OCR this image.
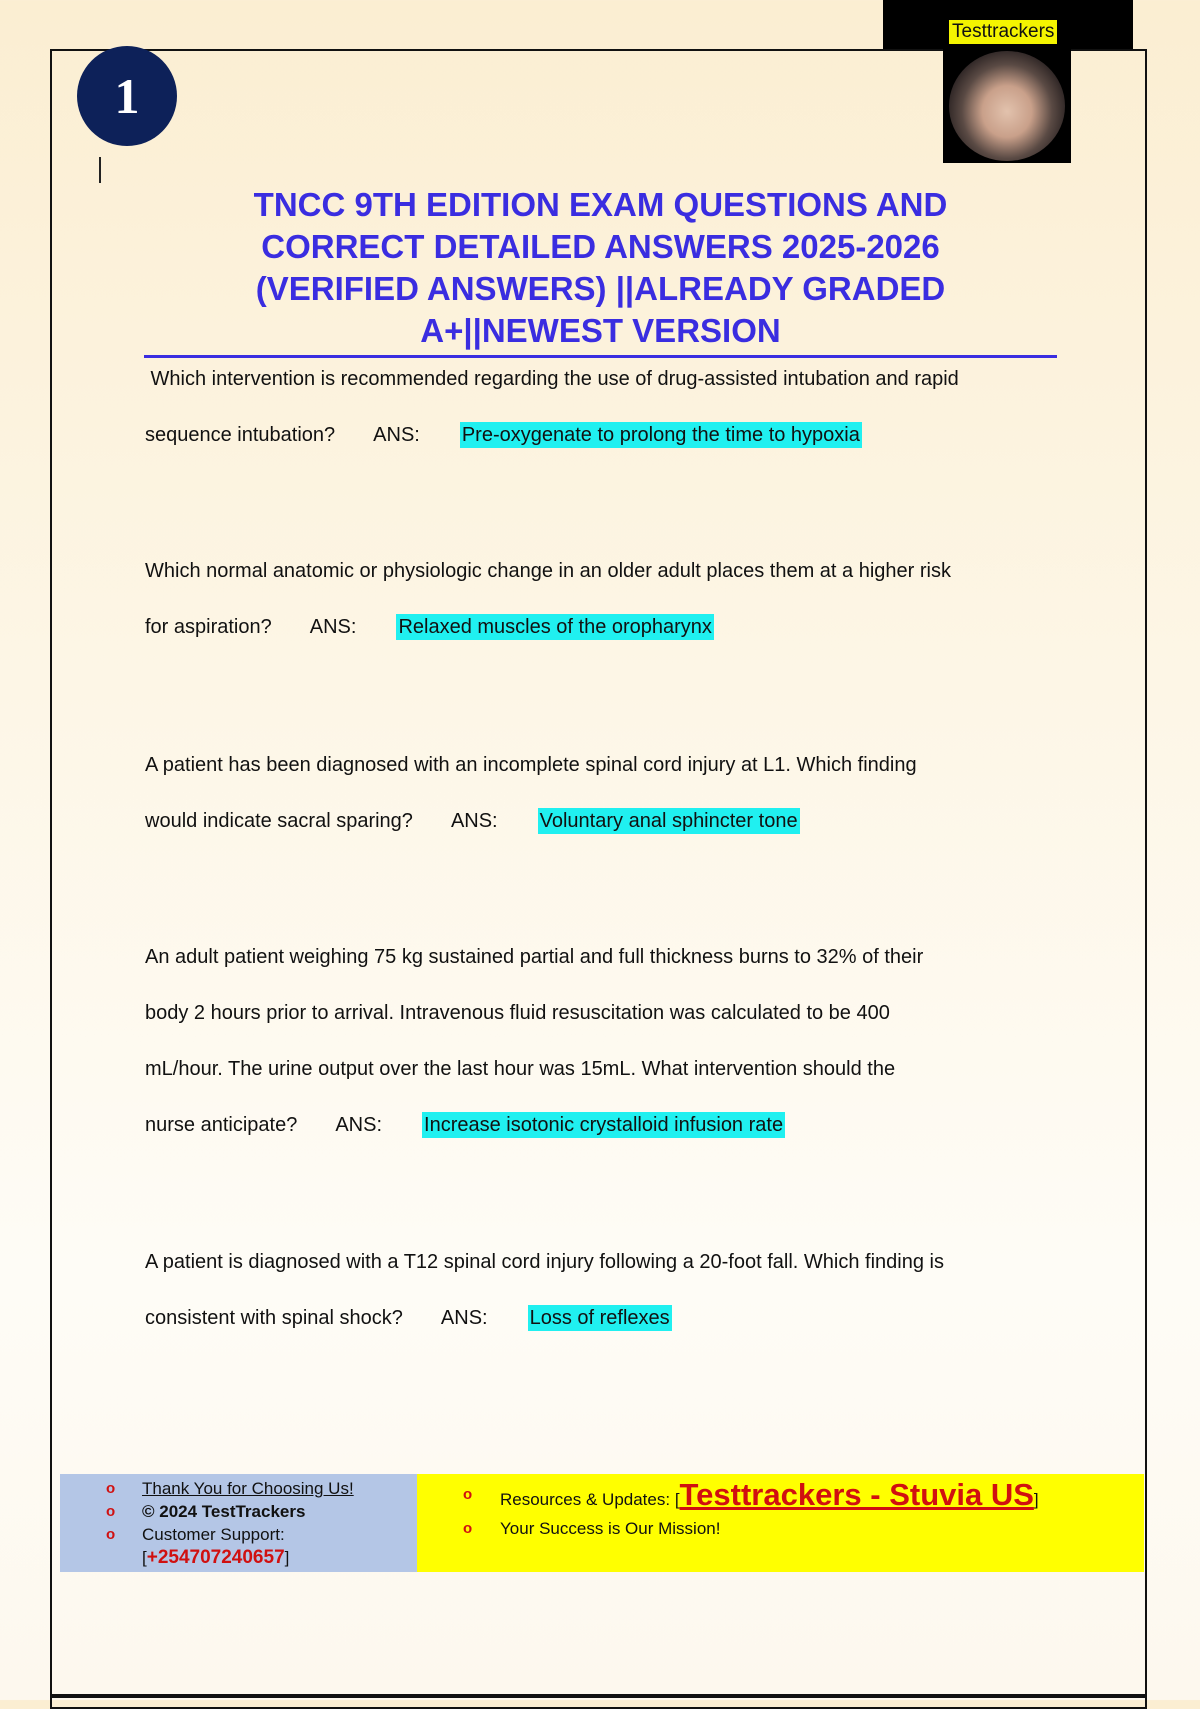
Testtrackers
1
TNCC 9TH EDITION EXAM QUESTIONS AND
CORRECT DETAILED ANSWERS 2025-2026
(VERIFIED ANSWERS) ||ALREADY GRADED
A+||NEWEST VERSION
Which intervention is recommended regarding the use of drug-assisted intubation and rapid
sequence intubation? ANS: Pre-oxygenate to prolong the time to hypoxia
Which normal anatomic or physiologic change in an older adult places them at a higher risk
for aspiration? ANS: Relaxed muscles of the oropharynx
A patient has been diagnosed with an incomplete spinal cord injury at L1. Which finding
would indicate sacral sparing? ANS: Voluntary anal sphincter tone
An adult patient weighing 75 kg sustained partial and full thickness burns to 32% of their
body 2 hours prior to arrival. Intravenous fluid resuscitation was calculated to be 400
mL/hour. The urine output over the last hour was 15mL. What intervention should the
nurse anticipate? ANS: Increase isotonic crystalloid infusion rate
A patient is diagnosed with a T12 spinal cord injury following a 20-foot fall. Which finding is
consistent with spinal shock? ANS: Loss of reflexes
o Thank You for Choosing Us!
o © 2024 TestTrackers
o Customer Support:
[+254707240657]
o Resources & Updates: [Testtrackers - Stuvia US]
o Your Success is Our Mission!
